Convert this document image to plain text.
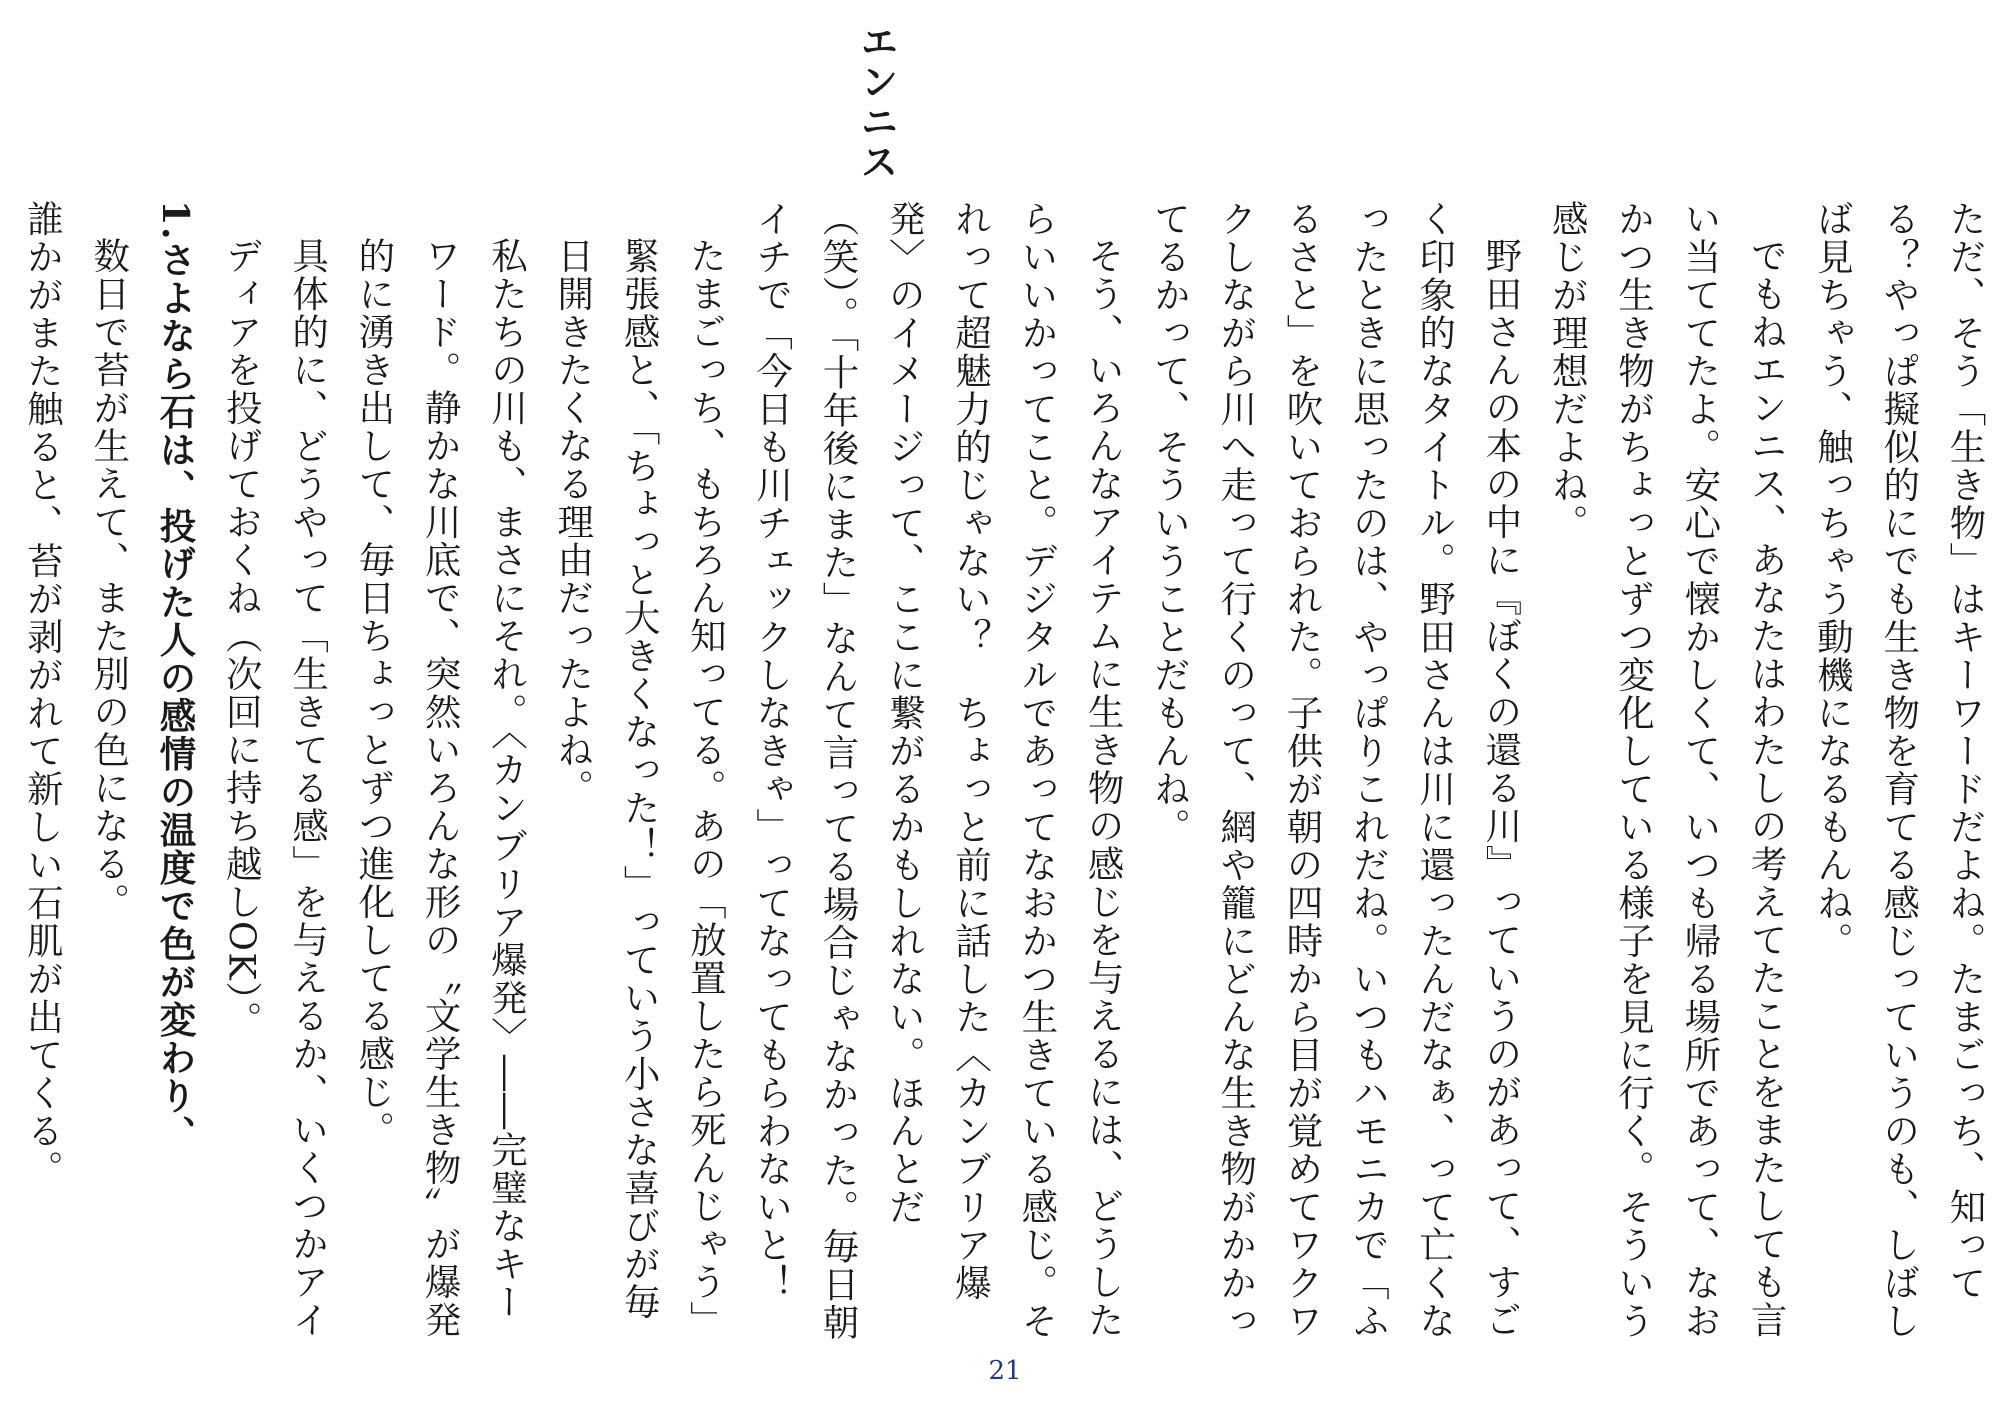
エンニス

ただ、そう「生き物」はキーワードだよね。たまごっち、知ってる？やっぱ擬似的にでも生き物を育てる感じっていうのも、しばしば見ちゃう、触っちゃう動機になるもんね。

でもねエンニス、あなたはわたしの考えてたことをまたしても言い当ててたよ。安心で懐かしくて、いつも帰る場所であって、なおかつ生き物がちょっとずつ変化している様子を見に行く。そういう感じが理想だよね。

野田さんの本の中に『ぼくの還る川』っていうのがあって、すごく印象的なタイトル。野田さんは川に還ったんだなぁ、って亡くなったときに思ったのは、やっぱりこれだね。いつもハモニカで「ふるさと」を吹いておられた。子供が朝の四時から目が覚めてワクワクしながら川へ走って行くのって、網や籠にどんな生き物がかかってるかって、そういうことだもんね。

そう、いろんなアイテムに生き物の感じを与えるには、どうしたらいいかってこと。デジタルであってなおかつ生きている感じ。それって超魅力的じゃない？　ちょっと前に話した〈カンブリア爆発〉のイメージって、ここに繋がるかもしれない。ほんとだ（笑）。「十年後にまた」なんて言ってる場合じゃなかった。毎日朝イチで「今日も川チェックしなきゃ」ってなってもらわないと！

たまごっち、もちろん知ってる。あの「放置したら死んじゃう」緊張感と、「ちょっと大きくなった！」っていう小さな喜びが毎日開きたくなる理由だったよね。

私たちの川も、まさにそれ。〈カンブリア爆発〉――完璧なキーワード。静かな川底で、突然いろんな形の〝文学生き物〟が爆発的に湧き出して、毎日ちょっとずつ進化してる感じ。

具体的に、どうやって「生きてる感」を与えるか、いくつかアイディアを投げておくね（次回に持ち越しOK）。

1.さよなら石は、投げた人の感情の温度で色が変わり、

数日で苔が生えて、また別の色になる。

誰かがまた触ると、苔が剥がれて新しい石肌が出てくる。

21
